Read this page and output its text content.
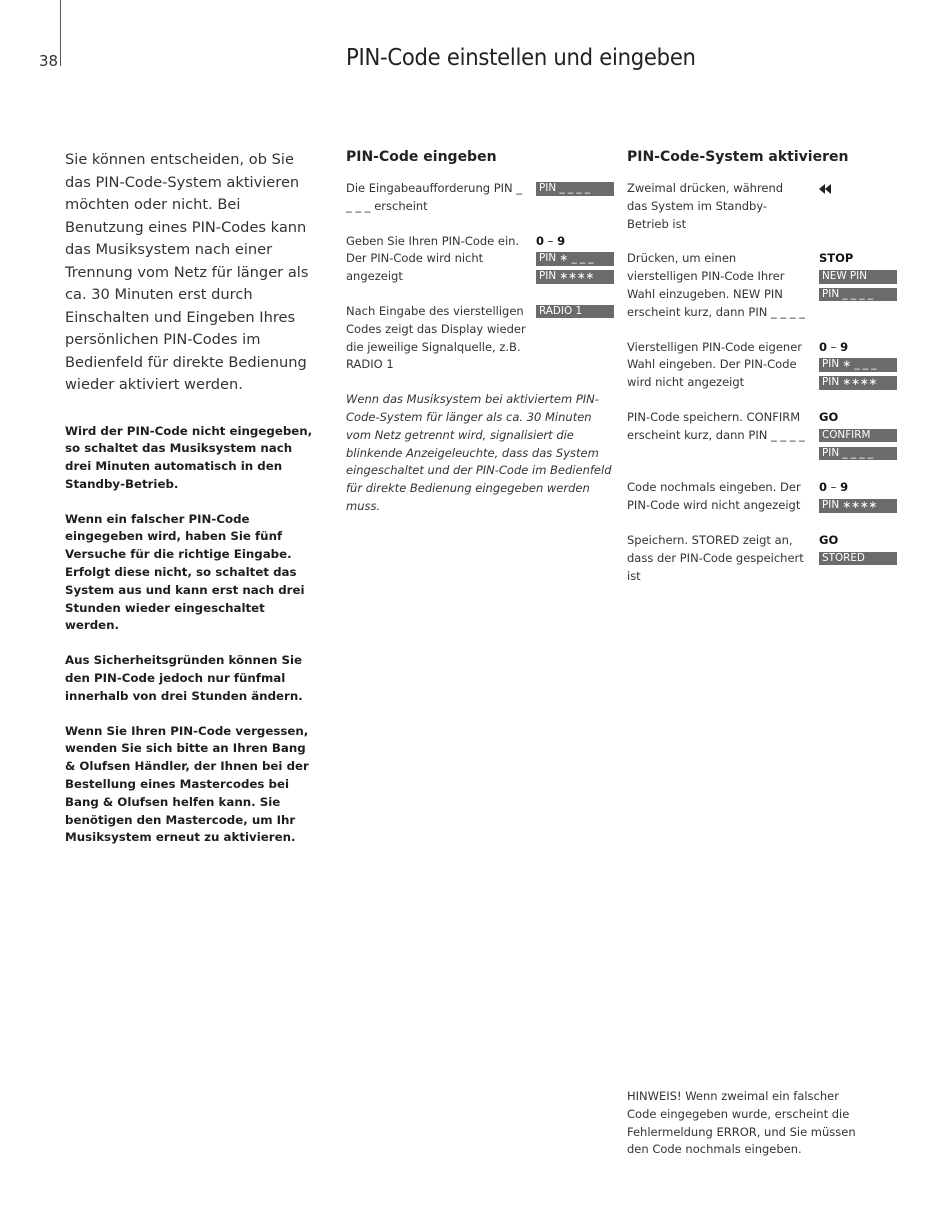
38	PIN-Code einstellen und eingeben

Sie können entscheiden, ob Sie das PIN-Code-System aktivieren möchten oder nicht. Bei Benutzung eines PIN-Codes kann das Musiksystem nach einer Trennung vom Netz für länger als ca. 30 Minuten erst durch Einschalten und Eingeben Ihres persönlichen PIN-Codes im Bedienfeld für direkte Bedienung wieder aktiviert werden.

Wird der PIN-Code nicht eingegeben, so schaltet das Musiksystem nach drei Minuten automatisch in den Standby-Betrieb.

Wenn ein falscher PIN-Code eingegeben wird, haben Sie fünf Versuche für die richtige Eingabe. Erfolgt diese nicht, so schaltet das System aus und kann erst nach drei Stunden wieder eingeschaltet werden.

Aus Sicherheitsgründen können Sie den PIN-Code jedoch nur fünfmal innerhalb von drei Stunden ändern.

Wenn Sie Ihren PIN-Code vergessen, wenden Sie sich bitte an Ihren Bang & Olufsen Händler, der Ihnen bei der Bestellung eines Mastercodes bei Bang & Olufsen helfen kann. Sie benötigen den Mastercode, um Ihr Musiksystem erneut zu aktivieren.

PIN-Code eingeben
Die Eingabeaufforderung PIN _ _ _ _ erscheint
PIN _ _ _ _
Geben Sie Ihren PIN-Code ein. Der PIN-Code wird nicht angezeigt
0 – 9
PIN ∗ _ _ _
PIN ∗∗∗∗
Nach Eingabe des vierstelligen Codes zeigt das Display wieder die jeweilige Signalquelle, z.B. RADIO 1
RADIO 1

Wenn das Musiksystem bei aktiviertem PIN-Code-System für länger als ca. 30 Minuten vom Netz getrennt wird, signalisiert die blinkende Anzeigeleuchte, dass das System eingeschaltet und der PIN-Code im Bedienfeld für direkte Bedienung eingegeben werden muss.

PIN-Code-System aktivieren
Zweimal drücken, während das System im Standby-Betrieb ist
Drücken, um einen vierstelligen PIN-Code Ihrer Wahl einzugeben. NEW PIN erscheint kurz, dann PIN _ _ _ _
STOP
NEW PIN
PIN _ _ _ _
Vierstelligen PIN-Code eigener Wahl eingeben. Der PIN-Code wird nicht angezeigt
0 – 9
PIN ∗ _ _ _
PIN ∗∗∗∗
PIN-Code speichern. CONFIRM erscheint kurz, dann PIN _ _ _ _
GO
CONFIRM
PIN _ _ _ _
Code nochmals eingeben. Der PIN-Code wird nicht angezeigt
0 – 9
PIN ∗∗∗∗
Speichern. STORED zeigt an, dass der PIN-Code gespeichert ist
GO
STORED

HINWEIS! Wenn zweimal ein falscher Code eingegeben wurde, erscheint die Fehlermeldung ERROR, und Sie müssen den Code nochmals eingeben.
